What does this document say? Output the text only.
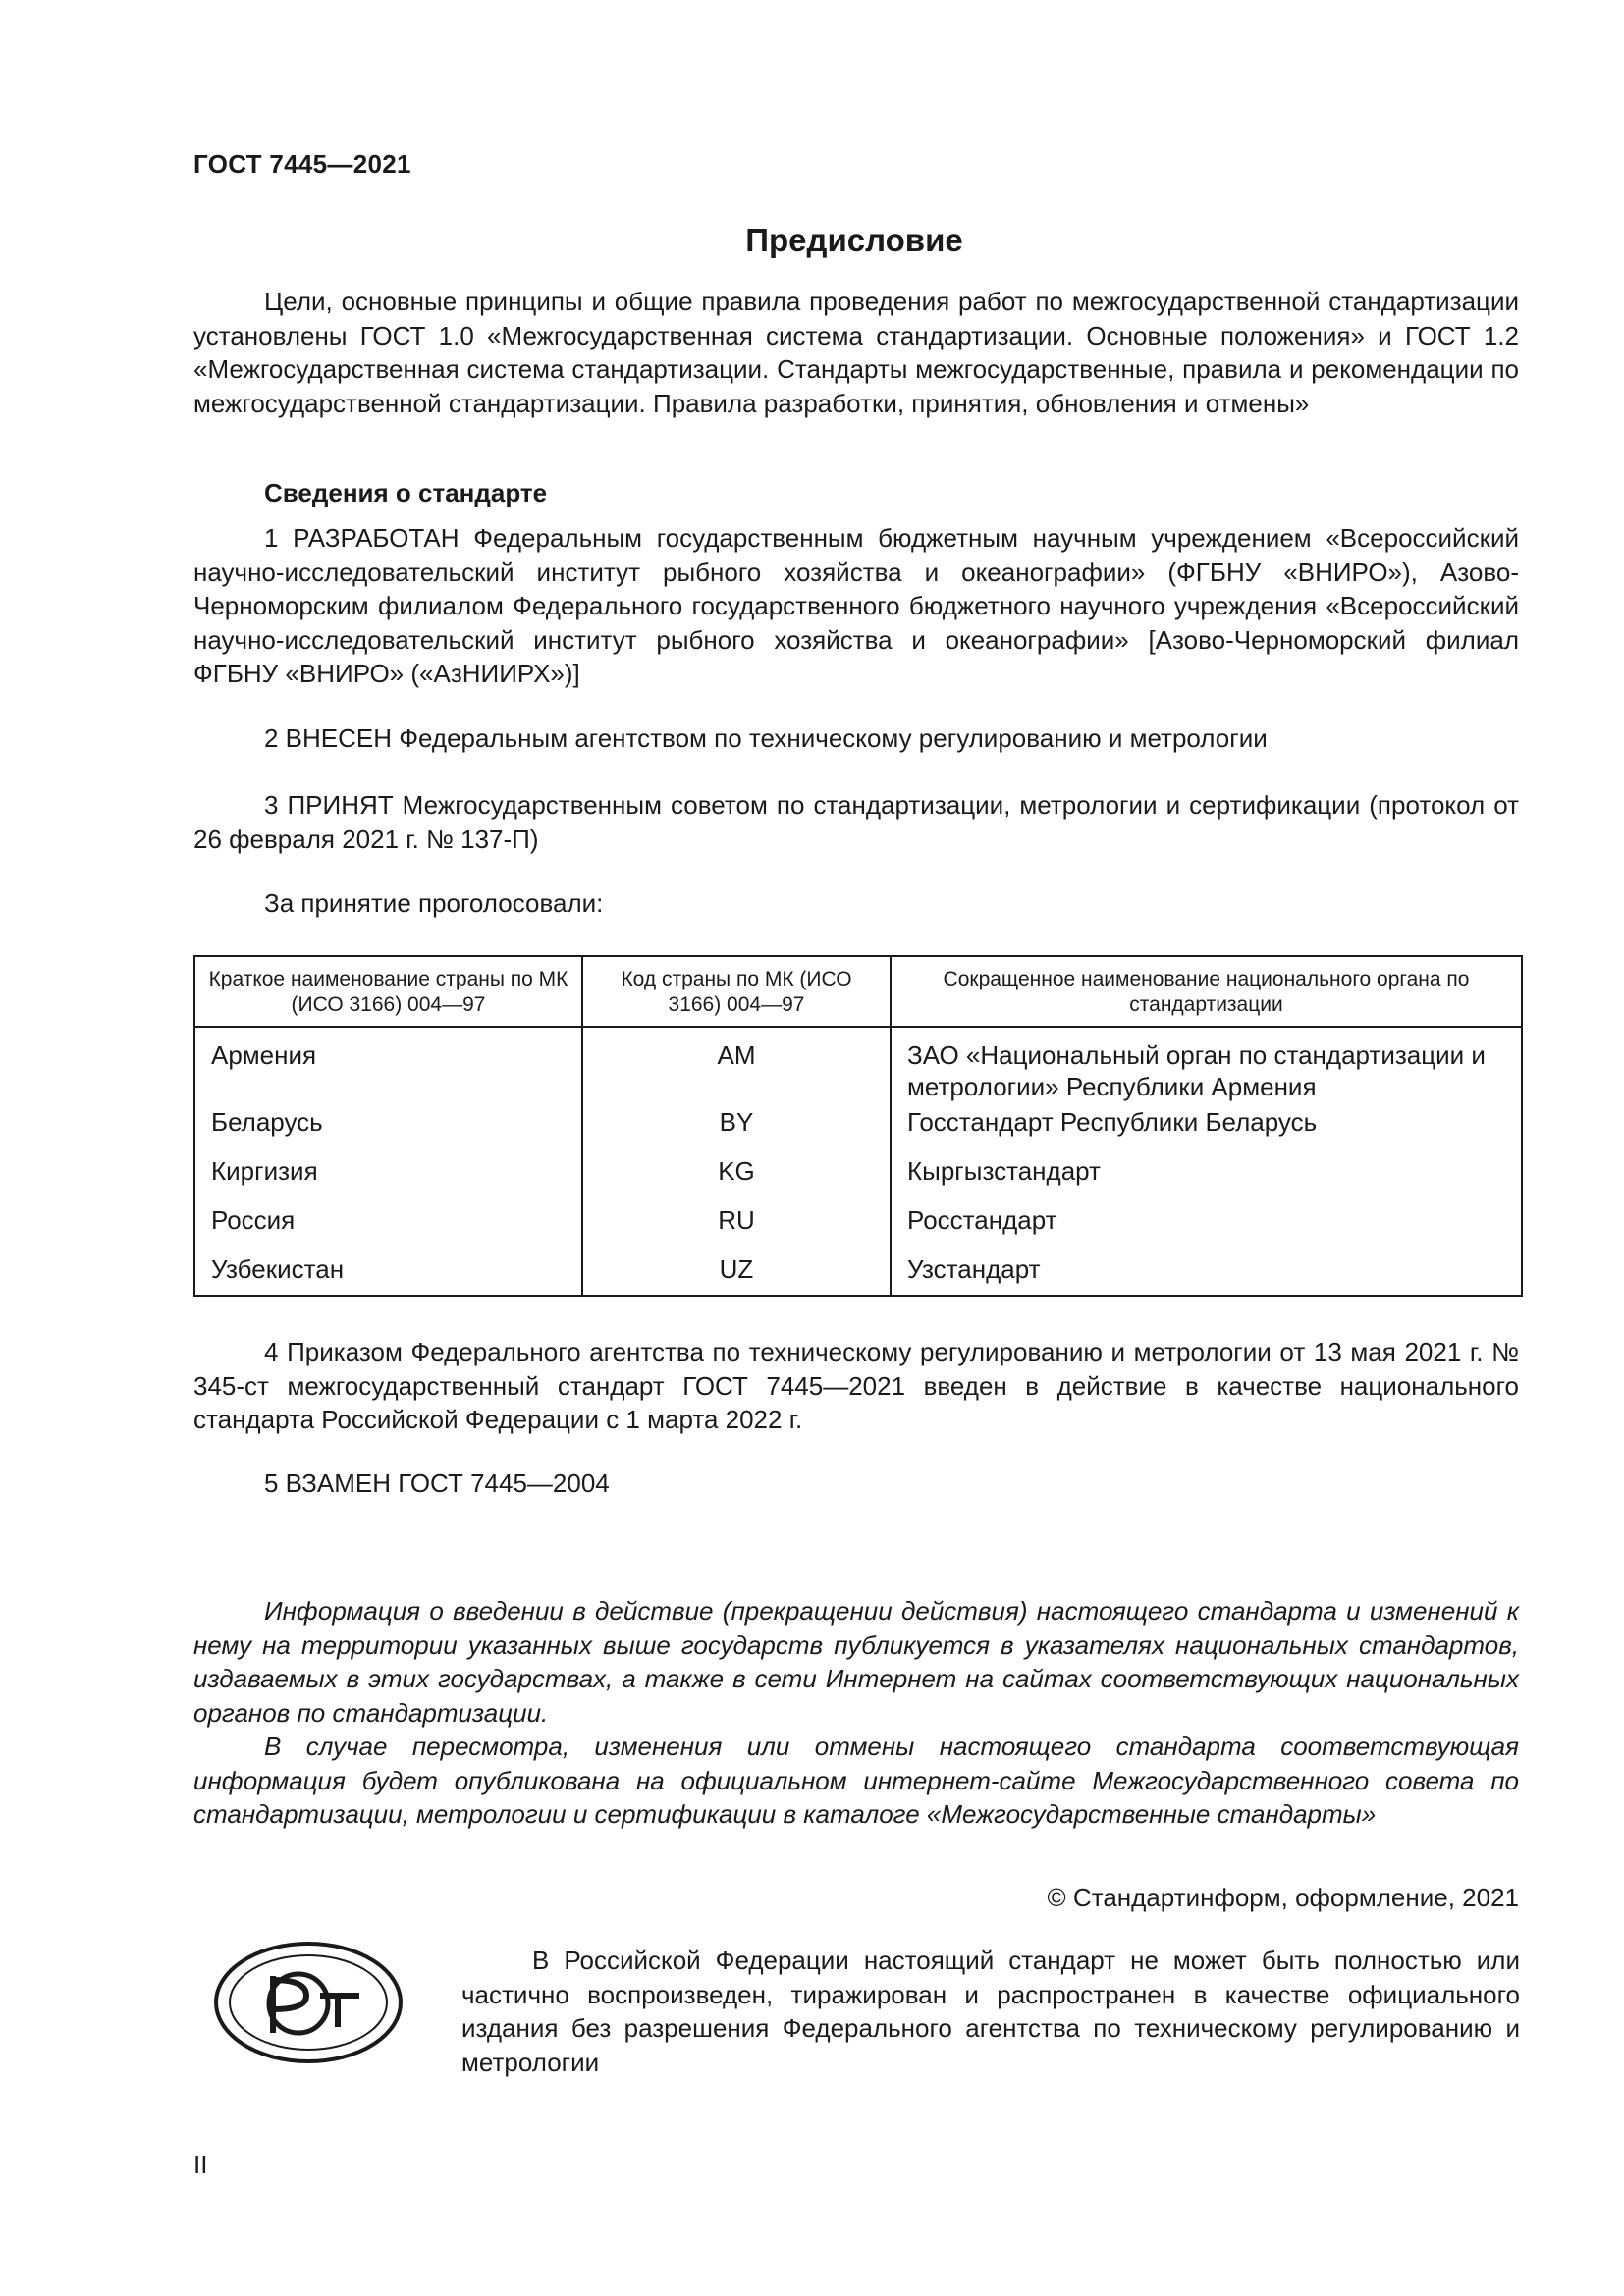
ГОСТ 7445—2021
Предисловие

Цели, основные принципы и общие правила проведения работ по межгосударственной стандартизации установлены ГОСТ 1.0 «Межгосударственная система стандартизации. Основные положения» и ГОСТ 1.2 «Межгосударственная система стандартизации. Стандарты межгосударственные, правила и рекомендации по межгосударственной стандартизации. Правила разработки, принятия, обновления и отмены»

Сведения о стандарте

1 РАЗРАБОТАН Федеральным государственным бюджетным научным учреждением «Всероссийский научно-исследовательский институт рыбного хозяйства и океанографии» (ФГБНУ «ВНИРО»), Азово-Черноморским филиалом Федерального государственного бюджетного научного учреждения «Всероссийский научно-исследовательский институт рыбного хозяйства и океанографии» [Азово-Черноморский филиал ФГБНУ «ВНИРО» («АзНИИРХ»)]

2 ВНЕСЕН Федеральным агентством по техническому регулированию и метрологии

3 ПРИНЯТ Межгосударственным советом по стандартизации, метрологии и сертификации (протокол от 26 февраля 2021 г. № 137-П)

За принятие проголосовали:
Краткое наименование страны по МК (ИСО 3166) 004—97	Код страны по МК (ИСО 3166) 004—97	Сокращенное наименование национального органа по стандартизации
Армения	AM	ЗАО «Национальный орган по стандартизации и метрологии» Республики Армения
Беларусь	BY	Госстандарт Республики Беларусь
Киргизия	KG	Кыргызстандарт
Россия	RU	Росстандарт
Узбекистан	UZ	Узстандарт

4 Приказом Федерального агентства по техническому регулированию и метрологии от 13 мая 2021 г. № 345-ст межгосударственный стандарт ГОСТ 7445—2021 введен в действие в качестве национального стандарта Российской Федерации с 1 марта 2022 г.

5 ВЗАМЕН ГОСТ 7445—2004

Информация о введении в действие (прекращении действия) настоящего стандарта и изменений к нему на территории указанных выше государств публикуется в указателях национальных стандартов, издаваемых в этих государствах, а также в сети Интернет на сайтах соответствующих национальных органов по стандартизации.

В случае пересмотра, изменения или отмены настоящего стандарта соответствующая информация будет опубликована на официальном интернет-сайте Межгосударственного совета по стандартизации, метрологии и сертификации в каталоге «Межгосударственные стандарты»

© Стандартинформ, оформление, 2021

В Российской Федерации настоящий стандарт не может быть полностью или частично воспроизведен, тиражирован и распространен в качестве официального издания без разрешения Федерального агентства по техническому регулированию и метрологии

II
